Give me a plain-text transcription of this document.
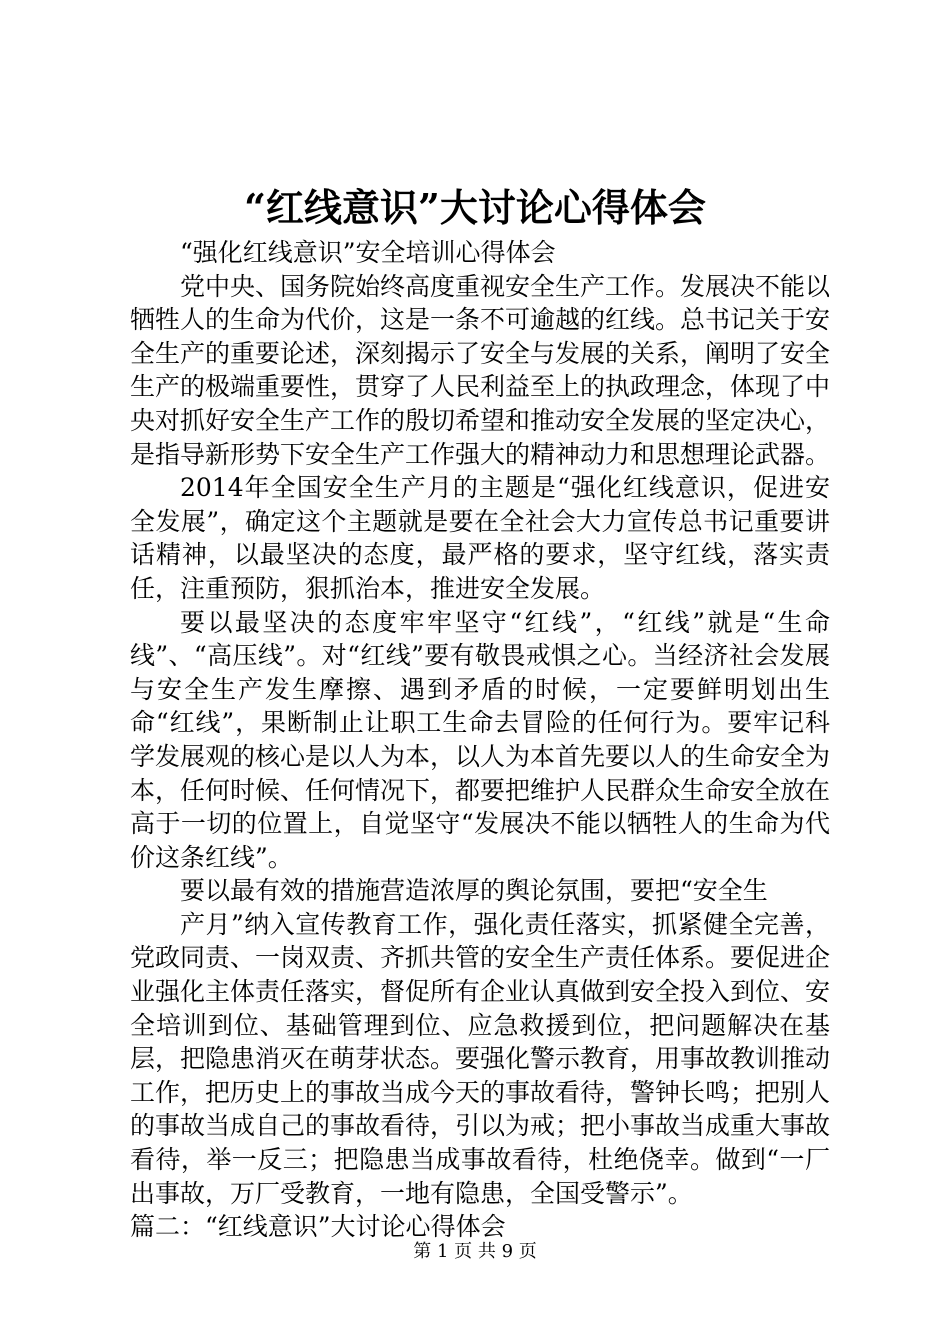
“红线意识”大讨论心得体会

“强化红线意识”安全培训心得体会

党中央、国务院始终高度重视安全生产工作。发展决不能以牺牲人的生命为代价，这是一条不可逾越的红线。总书记关于安全生产的重要论述，深刻揭示了安全与发展的关系，阐明了安全生产的极端重要性，贯穿了人民利益至上的执政理念，体现了中央对抓好安全生产工作的殷切希望和推动安全发展的坚定决心，是指导新形势下安全生产工作强大的精神动力和思想理论武器。

2014年全国安全生产月的主题是“强化红线意识，促进安全发展”，确定这个主题就是要在全社会大力宣传总书记重要讲话精神，以最坚决的态度，最严格的要求，坚守红线，落实责任，注重预防，狠抓治本，推进安全发展。

要以最坚决的态度牢牢坚守“红线”，“红线”就是“生命线”、“高压线”。对“红线”要有敬畏戒惧之心。当经济社会发展与安全生产发生摩擦、遇到矛盾的时候，一定要鲜明划出生命“红线”，果断制止让职工生命去冒险的任何行为。要牢记科学发展观的核心是以人为本，以人为本首先要以人的生命安全为本，任何时候、任何情况下，都要把维护人民群众生命安全放在高于一切的位置上，自觉坚守“发展决不能以牺牲人的生命为代价这条红线”。

要以最有效的措施营造浓厚的舆论氛围，要把“安全生

产月”纳入宣传教育工作，强化责任落实，抓紧健全完善，党政同责、一岗双责、齐抓共管的安全生产责任体系。要促进企业强化主体责任落实，督促所有企业认真做到安全投入到位、安全培训到位、基础管理到位、应急救援到位，把问题解决在基层，把隐患消灭在萌芽状态。要强化警示教育，用事故教训推动工作，把历史上的事故当成今天的事故看待，警钟长鸣；把别人的事故当成自己的事故看待，引以为戒；把小事故当成重大事故看待，举一反三；把隐患当成事故看待，杜绝侥幸。做到“一厂出事故，万厂受教育，一地有隐患，全国受警示”。

篇二：“红线意识”大讨论心得体会

第 1 页 共 9 页
